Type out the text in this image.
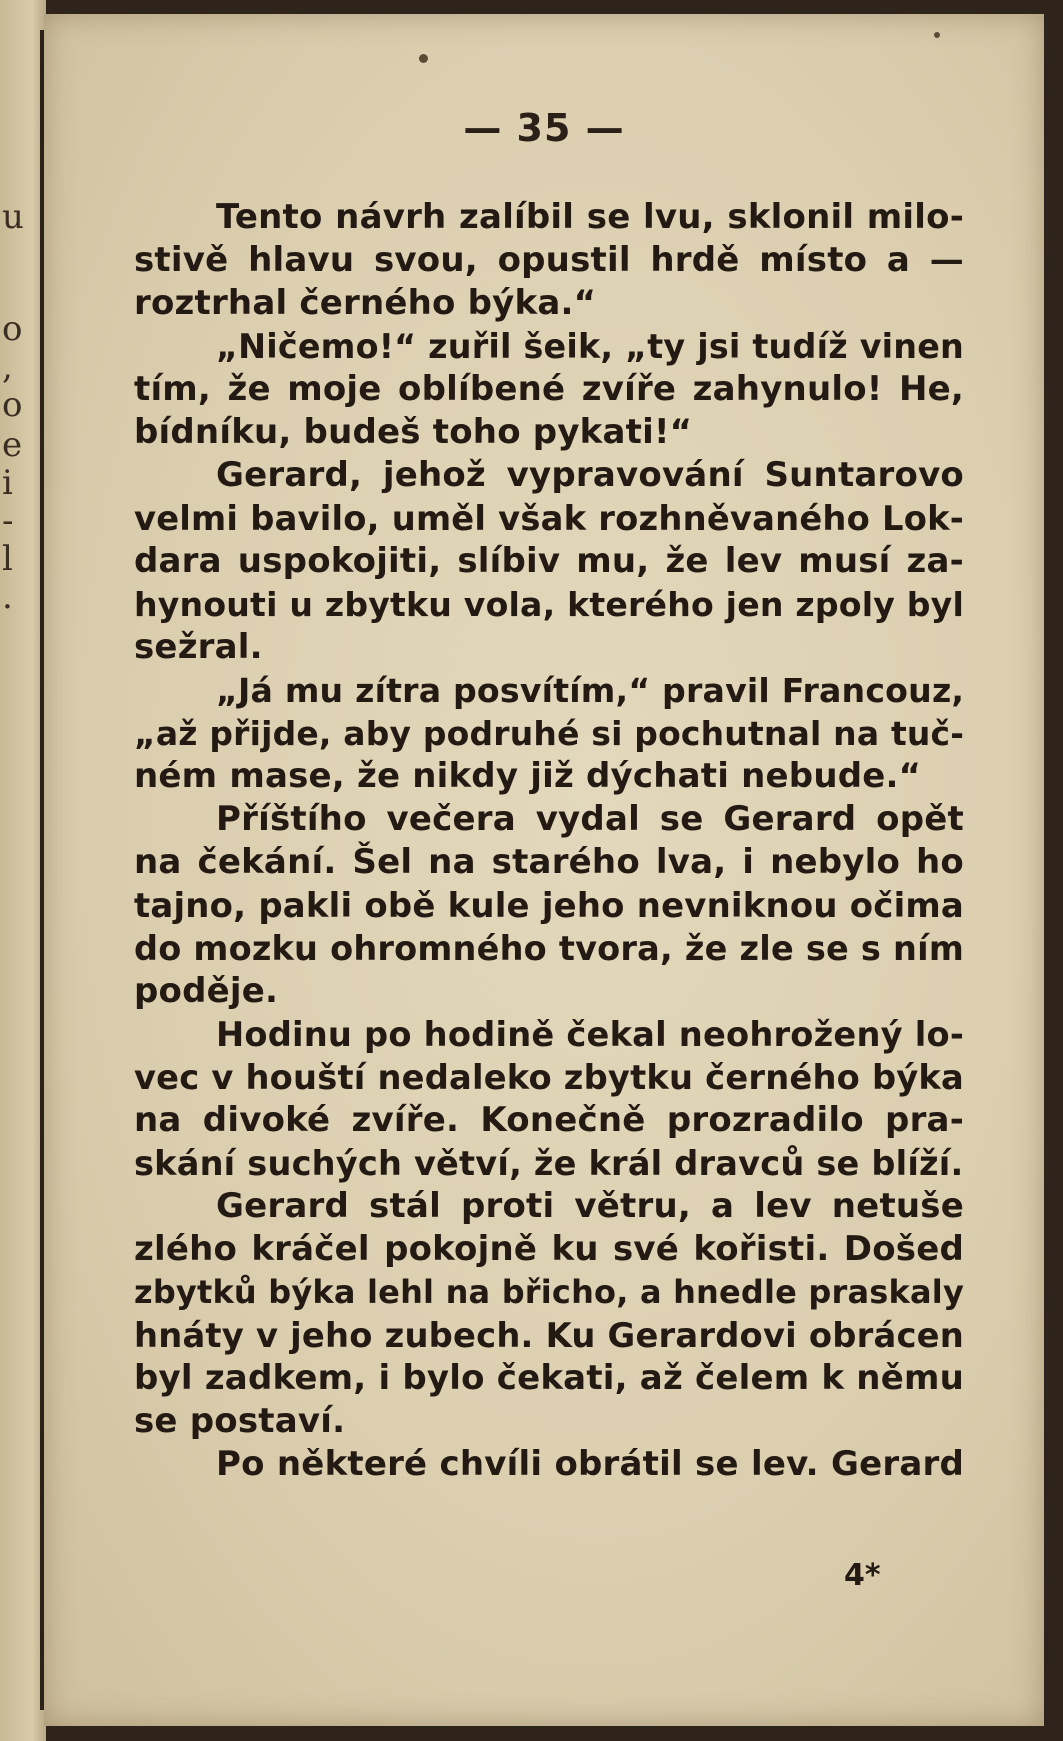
u
o
,
o
e
i
-
l
.
— 35 —

Tento návrh zalíbil se lvu, sklonil milo-
stivě hlavu svou, opustil hrdě místo a —
roztrhal černého býka.“

„Ničemo!“ zuřil šeik, „ty jsi tudíž vinen
tím, že moje oblíbené zvíře zahynulo! He,
bídníku, budeš toho pykati!“

Gerard, jehož vypravování Suntarovo
velmi bavilo, uměl však rozhněvaného Lok-
dara uspokojiti, slíbiv mu, že lev musí za-
hynouti u zbytku vola, kterého jen zpoly byl
sežral.

„Já mu zítra posvítím,“ pravil Francouz,
„až přijde, aby podruhé si pochutnal na tuč-
ném mase, že nikdy již dýchati nebude.“

Příštího večera vydal se Gerard opět
na čekání. Šel na starého lva, i nebylo ho
tajno, pakli obě kule jeho nevniknou očima
do mozku ohromného tvora, že zle se s ním
poděje.

Hodinu po hodině čekal neohrožený lo-
vec v houští nedaleko zbytku černého býka
na divoké zvíře. Konečně prozradilo pra-
skání suchých větví, že král dravců se blíží.

Gerard stál proti větru, a lev netuše
zlého kráčel pokojně ku své kořisti. Došed
zbytků býka lehl na břicho, a hnedle praskaly
hnáty v jeho zubech. Ku Gerardovi obrácen
byl zadkem, i bylo čekati, až čelem k němu
se postaví.

Po některé chvíli obrátil se lev. Gerard

4*
